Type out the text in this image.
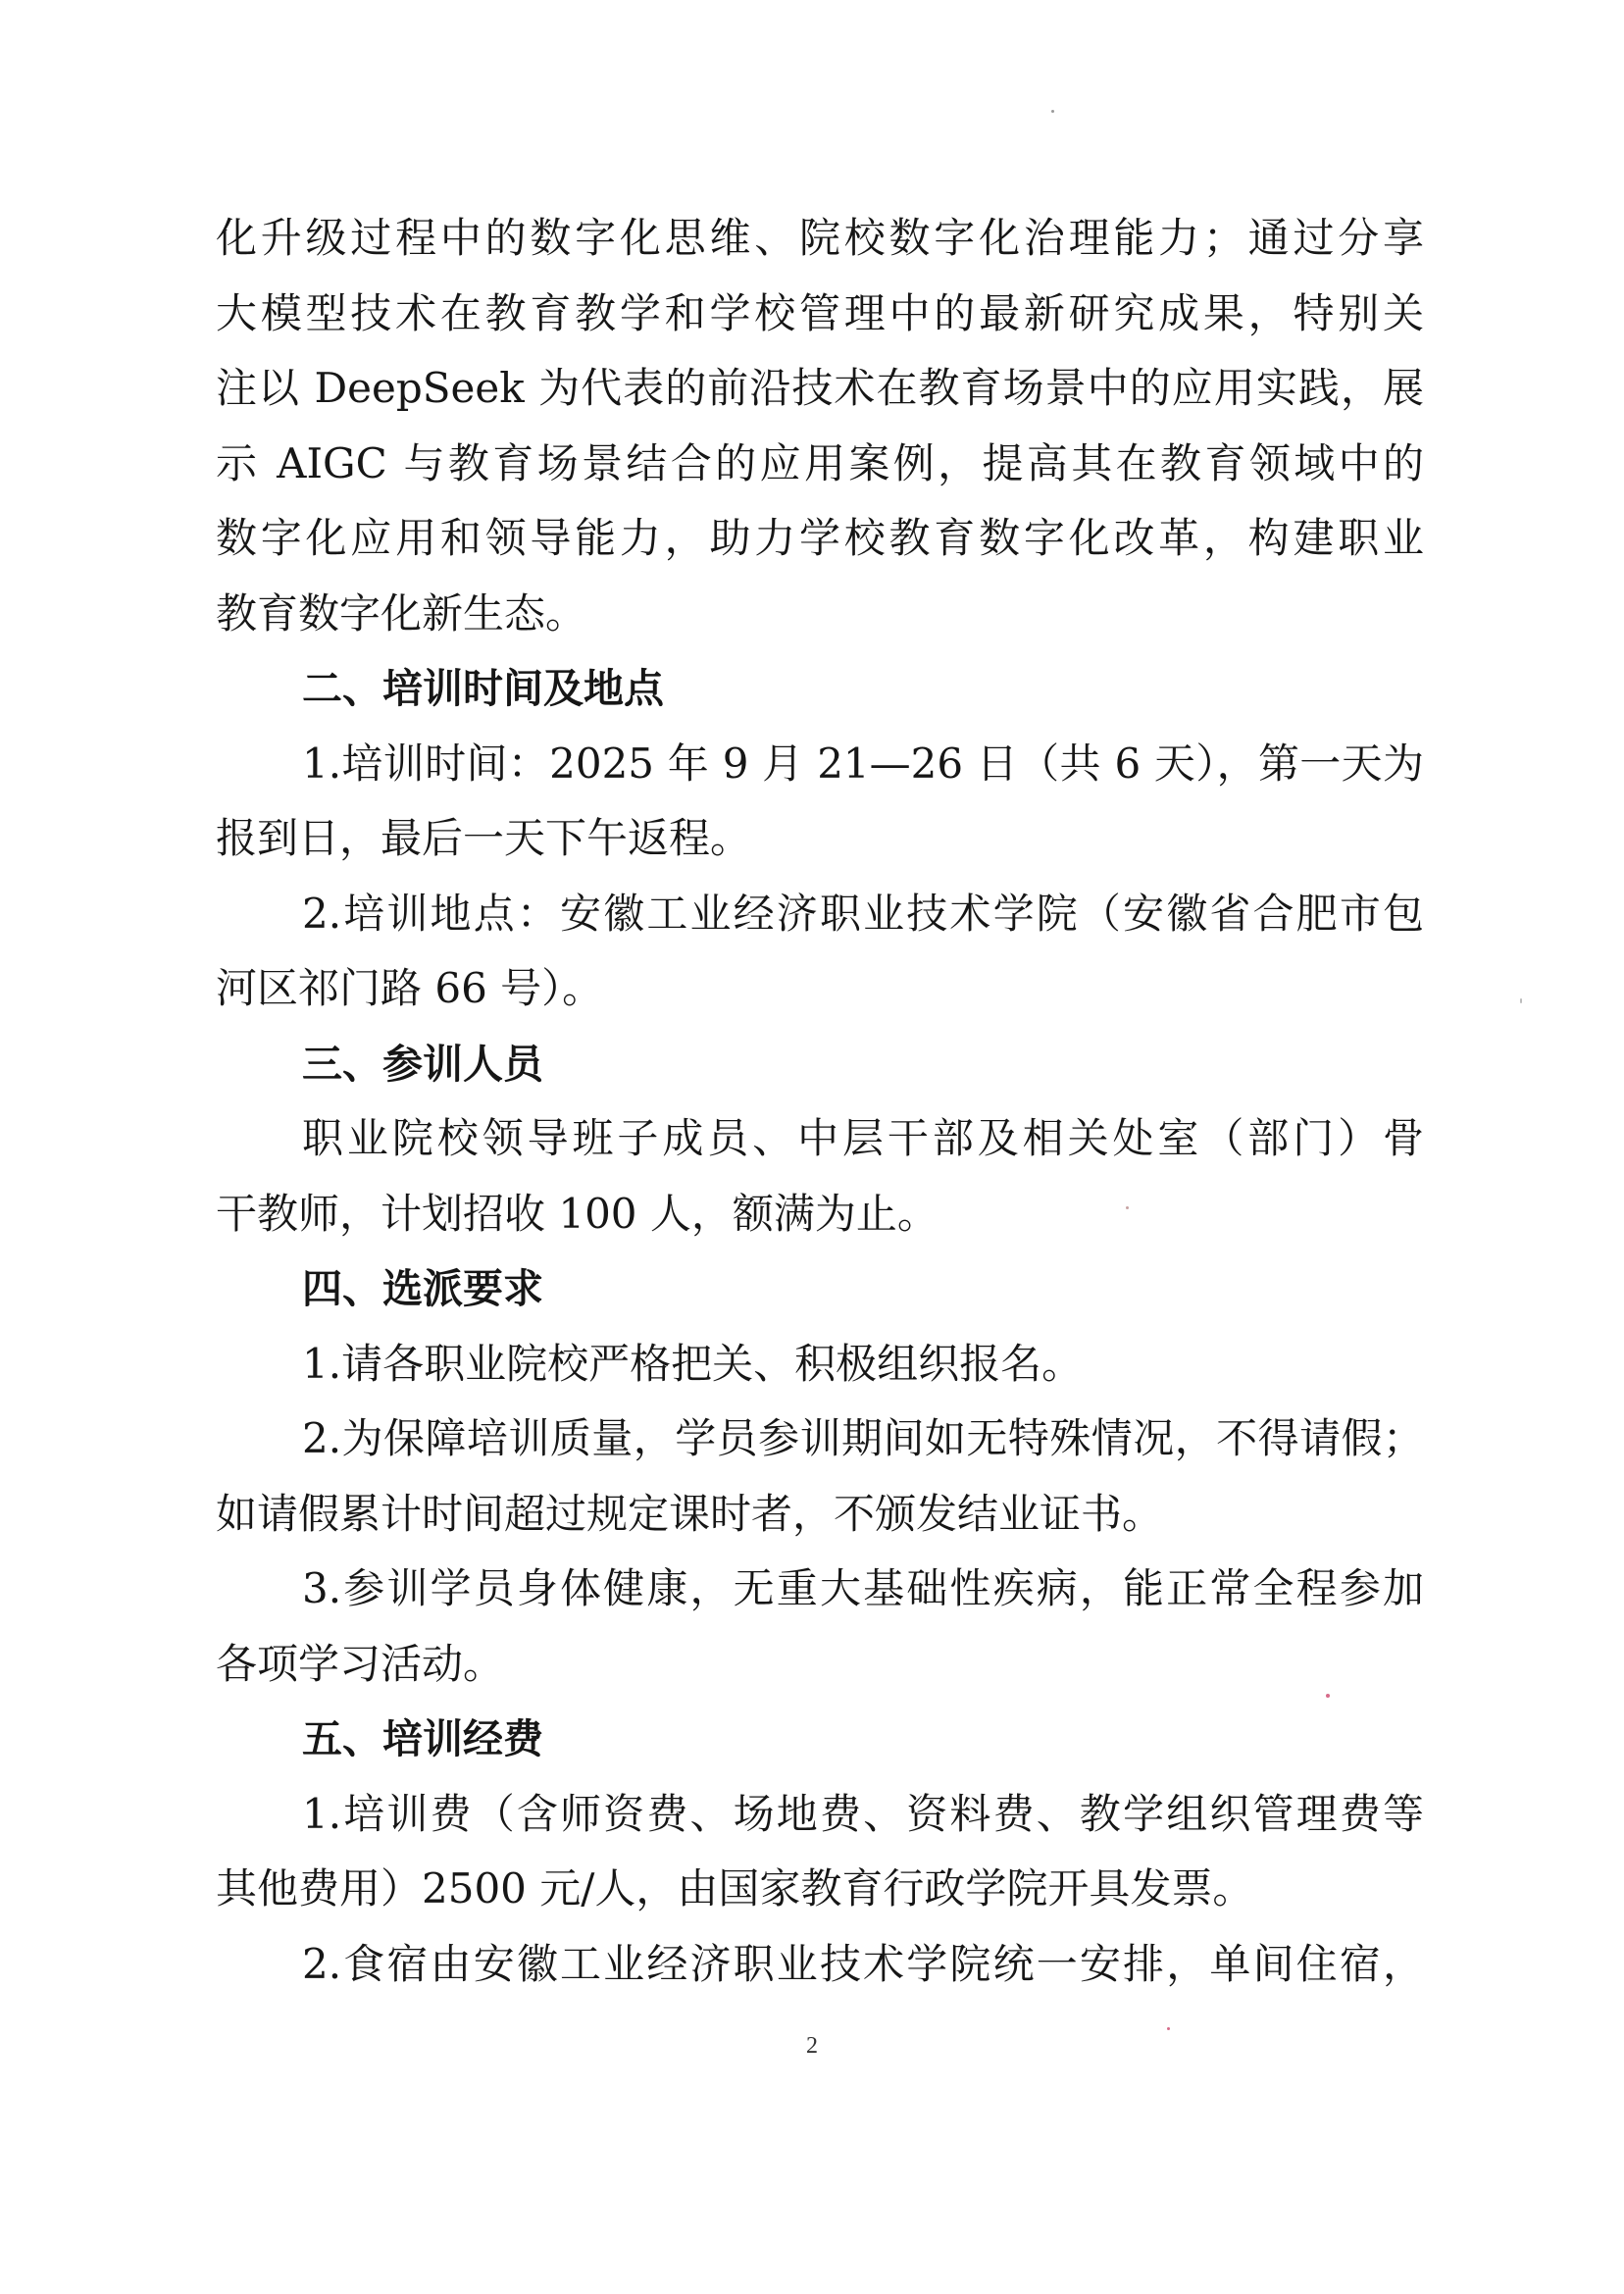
化升级过程中的数字化思维、院校数字化治理能力；通过分享
大模型技术在教育教学和学校管理中的最新研究成果，特别关
注以 DeepSeek 为代表的前沿技术在教育场景中的应用实践，展
示 AIGC 与教育场景结合的应用案例，提高其在教育领域中的
数字化应用和领导能力，助力学校教育数字化改革，构建职业
教育数字化新生态。
二、培训时间及地点
1.培训时间：2025 年 9 月 21—26 日（共 6 天），第一天为
报到日，最后一天下午返程。
2.培训地点：安徽工业经济职业技术学院（安徽省合肥市包
河区祁门路 66 号）。
三、参训人员
职业院校领导班子成员、中层干部及相关处室（部门）骨
干教师，计划招收 100 人，额满为止。
四、选派要求
1.请各职业院校严格把关、积极组织报名。
2.为保障培训质量，学员参训期间如无特殊情况，不得请假；
如请假累计时间超过规定课时者，不颁发结业证书。
3.参训学员身体健康，无重大基础性疾病，能正常全程参加
各项学习活动。
五、培训经费
1.培训费（含师资费、场地费、资料费、教学组织管理费等
其他费用）2500 元/人，由国家教育行政学院开具发票。
2.食宿由安徽工业经济职业技术学院统一安排，单间住宿，
2
